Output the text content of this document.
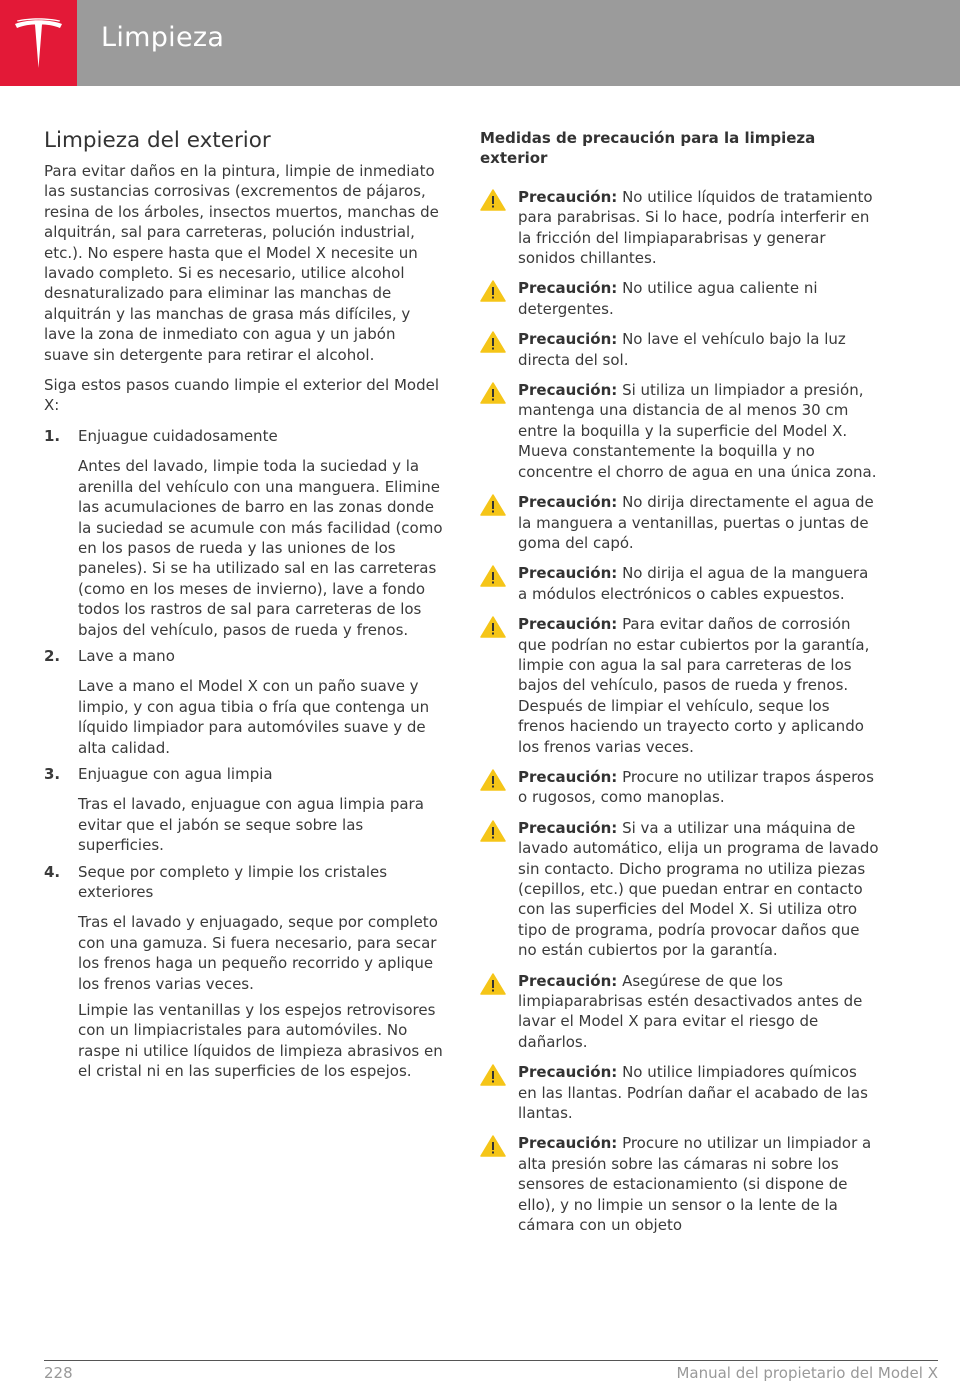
Limpieza
Limpieza del exterior

Para evitar daños en la pintura, limpie de inmediato las sustancias corrosivas (excrementos de pájaros, resina de los árboles, insectos muertos, manchas de alquitrán, sal para carreteras, polución industrial, etc.). No espere hasta que el Model X necesite un lavado completo. Si es necesario, utilice alcohol desnaturalizado para eliminar las manchas de alquitrán y las manchas de grasa más difíciles, y lave la zona de inmediato con agua y un jabón suave sin detergente para retirar el alcohol.

Siga estos pasos cuando limpie el exterior del Model X:

1. Enjuague cuidadosamente

Antes del lavado, limpie toda la suciedad y la arenilla del vehículo con una manguera. Elimine las acumulaciones de barro en las zonas donde la suciedad se acumule con más facilidad (como en los pasos de rueda y las uniones de los paneles). Si se ha utilizado sal en las carreteras (como en los meses de invierno), lave a fondo todos los rastros de sal para carreteras de los bajos del vehículo, pasos de rueda y frenos.

2. Lave a mano

Lave a mano el Model X con un paño suave y limpio, y con agua tibia o fría que contenga un líquido limpiador para automóviles suave y de alta calidad.

3. Enjuague con agua limpia

Tras el lavado, enjuague con agua limpia para evitar que el jabón se seque sobre las superficies.

4. Seque por completo y limpie los cristales exteriores

Tras el lavado y enjuagado, seque por completo con una gamuza. Si fuera necesario, para secar los frenos haga un pequeño recorrido y aplique los frenos varias veces.

Limpie las ventanillas y los espejos retrovisores con un limpiacristales para automóviles. No raspe ni utilice líquidos de limpieza abrasivos en el cristal ni en las superficies de los espejos.

Medidas de precaución para la limpieza exterior

Precaución: No utilice líquidos de tratamiento para parabrisas. Si lo hace, podría interferir en la fricción del limpiaparabrisas y generar sonidos chillantes.
Precaución: No utilice agua caliente ni detergentes.
Precaución: No lave el vehículo bajo la luz directa del sol.
Precaución: Si utiliza un limpiador a presión, mantenga una distancia de al menos 30 cm entre la boquilla y la superficie del Model X. Mueva constantemente la boquilla y no concentre el chorro de agua en una única zona.
Precaución: No dirija directamente el agua de la manguera a ventanillas, puertas o juntas de goma del capó.
Precaución: No dirija el agua de la manguera a módulos electrónicos o cables expuestos.
Precaución: Para evitar daños de corrosión que podrían no estar cubiertos por la garantía, limpie con agua la sal para carreteras de los bajos del vehículo, pasos de rueda y frenos. Después de limpiar el vehículo, seque los frenos haciendo un trayecto corto y aplicando los frenos varias veces.
Precaución: Procure no utilizar trapos ásperos o rugosos, como manoplas.
Precaución: Si va a utilizar una máquina de lavado automático, elija un programa de lavado sin contacto. Dicho programa no utiliza piezas (cepillos, etc.) que puedan entrar en contacto con las superficies del Model X. Si utiliza otro tipo de programa, podría provocar daños que no están cubiertos por la garantía.
Precaución: Asegúrese de que los limpiaparabrisas estén desactivados antes de lavar el Model X para evitar el riesgo de dañarlos.
Precaución: No utilice limpiadores químicos en las llantas. Podrían dañar el acabado de las llantas.
Precaución: Procure no utilizar un limpiador a alta presión sobre las cámaras ni sobre los sensores de estacionamiento (si dispone de ello), y no limpie un sensor o la lente de la cámara con un objeto
228	Manual del propietario del Model X
